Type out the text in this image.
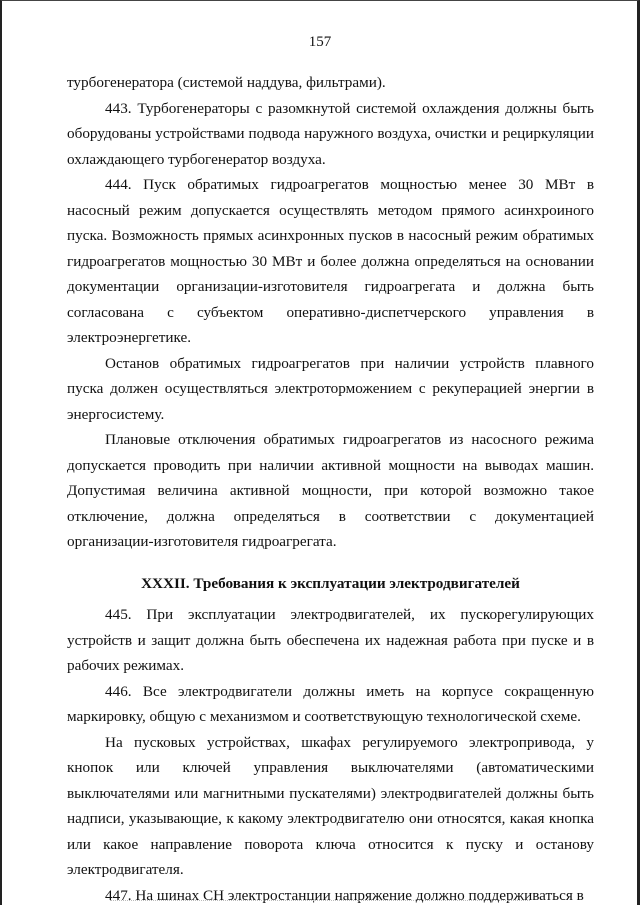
157

турбогенератора (системой наддува, фильтрами).

443. Турбогенераторы с разомкнутой системой охлаждения должны быть оборудованы устройствами подвода наружного воздуха, очистки и рециркуляции охлаждающего турбогенератор воздуха.

444. Пуск обратимых гидроагрегатов мощностью менее 30 МВт в насосный режим допускается осуществлять методом прямого асинхроиного пуска. Возможность прямых асинхронных пусков в насосный режим обратимых гидроагрегатов мощностью 30 МВт и более должна определяться на основании документации организации-изготовителя гидроагрегата и должна быть согласована с субъектом оперативно-диспетчерского управления в электроэнергетике.

Останов обратимых гидроагрегатов при наличии устройств плавного пуска должен осуществляться электроторможением с рекуперацией энергии в энергосистему.

Плановые отключения обратимых гидроагрегатов из насосного режима допускается проводить при наличии активной мощности на выводах машин. Допустимая величина активной мощности, при которой возможно такое отключение, должна определяться в соответствии с документацией организации-изготовителя гидроагрегата.

XXXII. Требования к эксплуатации электродвигателей

445. При эксплуатации электродвигателей, их пускорегулирующих устройств и защит должна быть обеспечена их надежная работа при пуске и в рабочих режимах.

446. Все электродвигатели должны иметь на корпусе сокращенную маркировку, общую с механизмом и соответствующую технологической схеме.

На пусковых устройствах, шкафах регулируемого электропривода, у кнопок или ключей управления выключателями (автоматическими выключателями или магнитными пускателями) электродвигателей должны быть надписи, указывающие, к какому электродвигателю они относятся, какая кнопка или какое направление поворота ключа относится к пуску и останову электродвигателя.

447. На шинах СН электростанции напряжение должно поддерживаться в
